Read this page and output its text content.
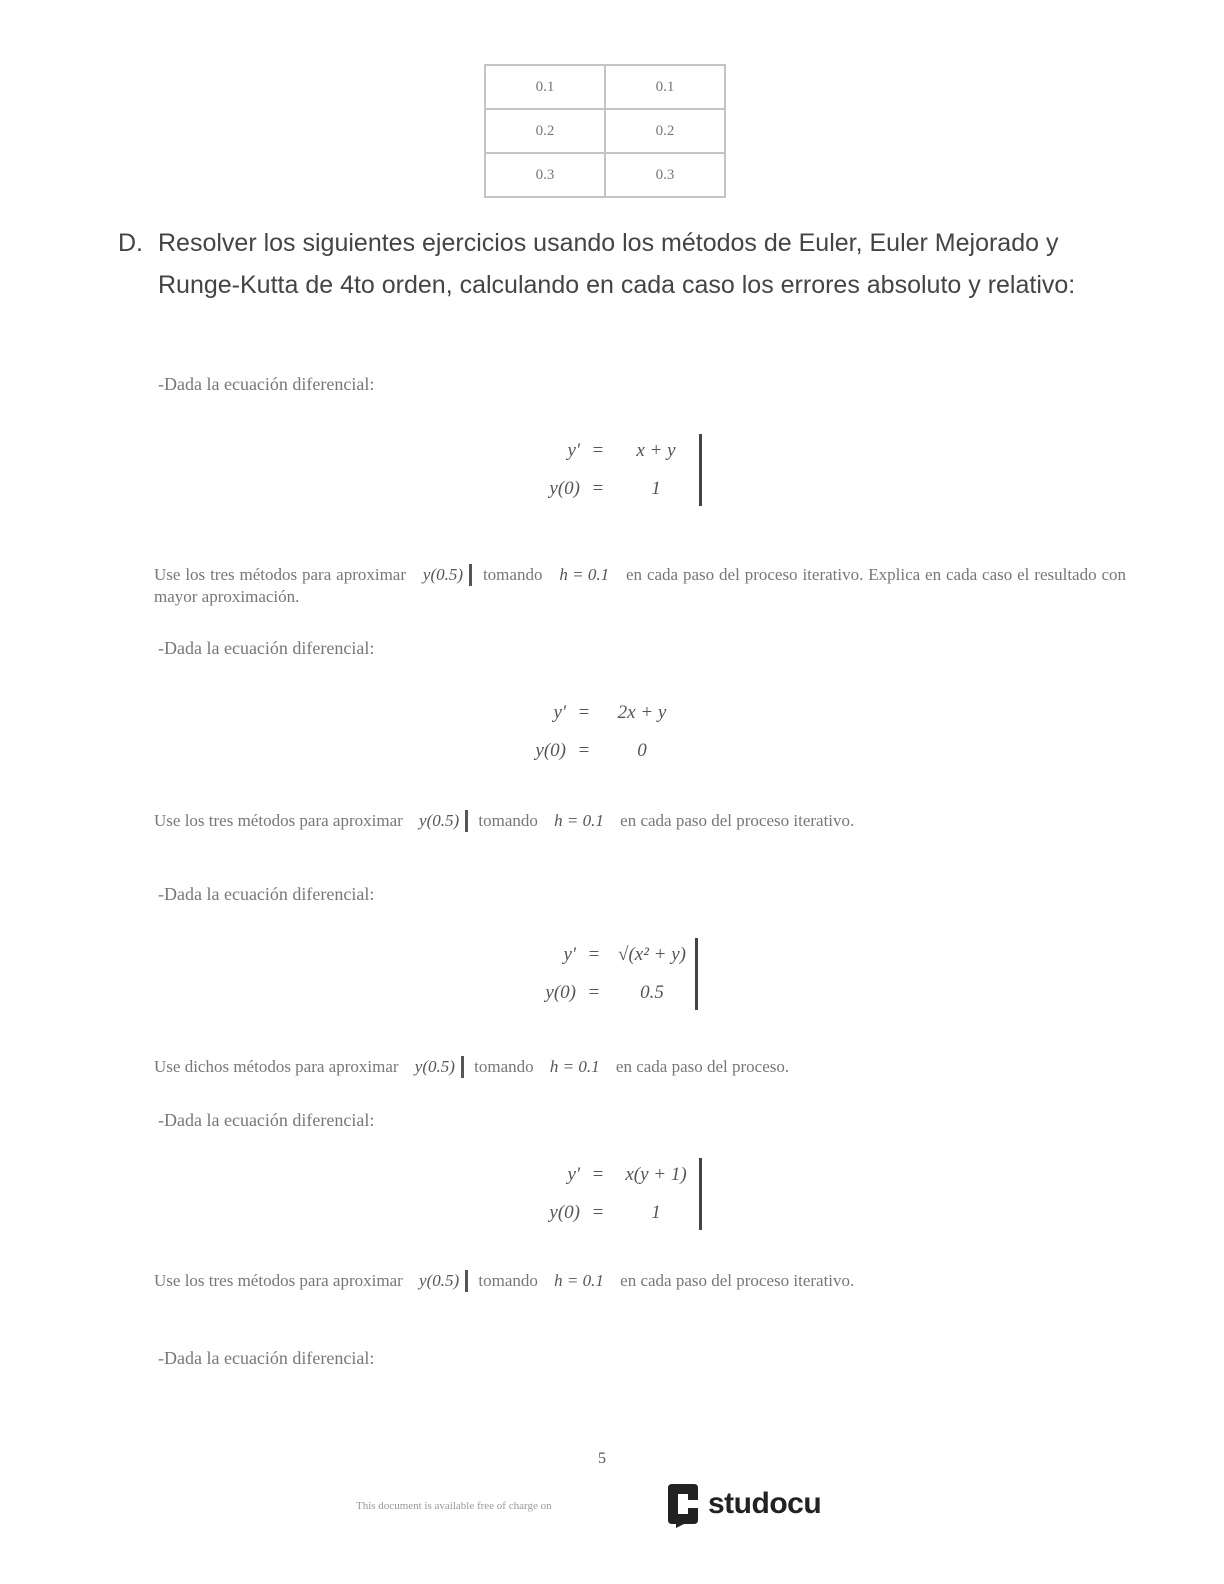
0.1	0.1
0.2	0.2
0.3	0.3
D. Resolver los siguientes ejercicios usando los métodos de Euler, Euler Mejorado y Runge-Kutta de 4to orden, calculando en cada caso los errores absoluto y relativo:
-Dada la ecuación diferencial:
y' =	x + y
y(0) =	1
Use los tres métodos para aproximar y(0.5) tomando h = 0.1 en cada paso del proceso iterativo. Explica en cada caso el resultado con mayor aproximación.
-Dada la ecuación diferencial:
y' =	2x + y
y(0) =	0
Use los tres métodos para aproximar y(0.5) tomando h = 0.1 en cada paso del proceso iterativo.
-Dada la ecuación diferencial:
y' = √(x² + y)
y(0) =	0.5
Use dichos métodos para aproximar y(0.5) tomando h = 0.1 en cada paso del proceso.
-Dada la ecuación diferencial:
y' =	x(y + 1)
y(0) =	1
Use los tres métodos para aproximar y(0.5) tomando h = 0.1 en cada paso del proceso iterativo.
-Dada la ecuación diferencial:
5
This document is available free of charge on	studocu
